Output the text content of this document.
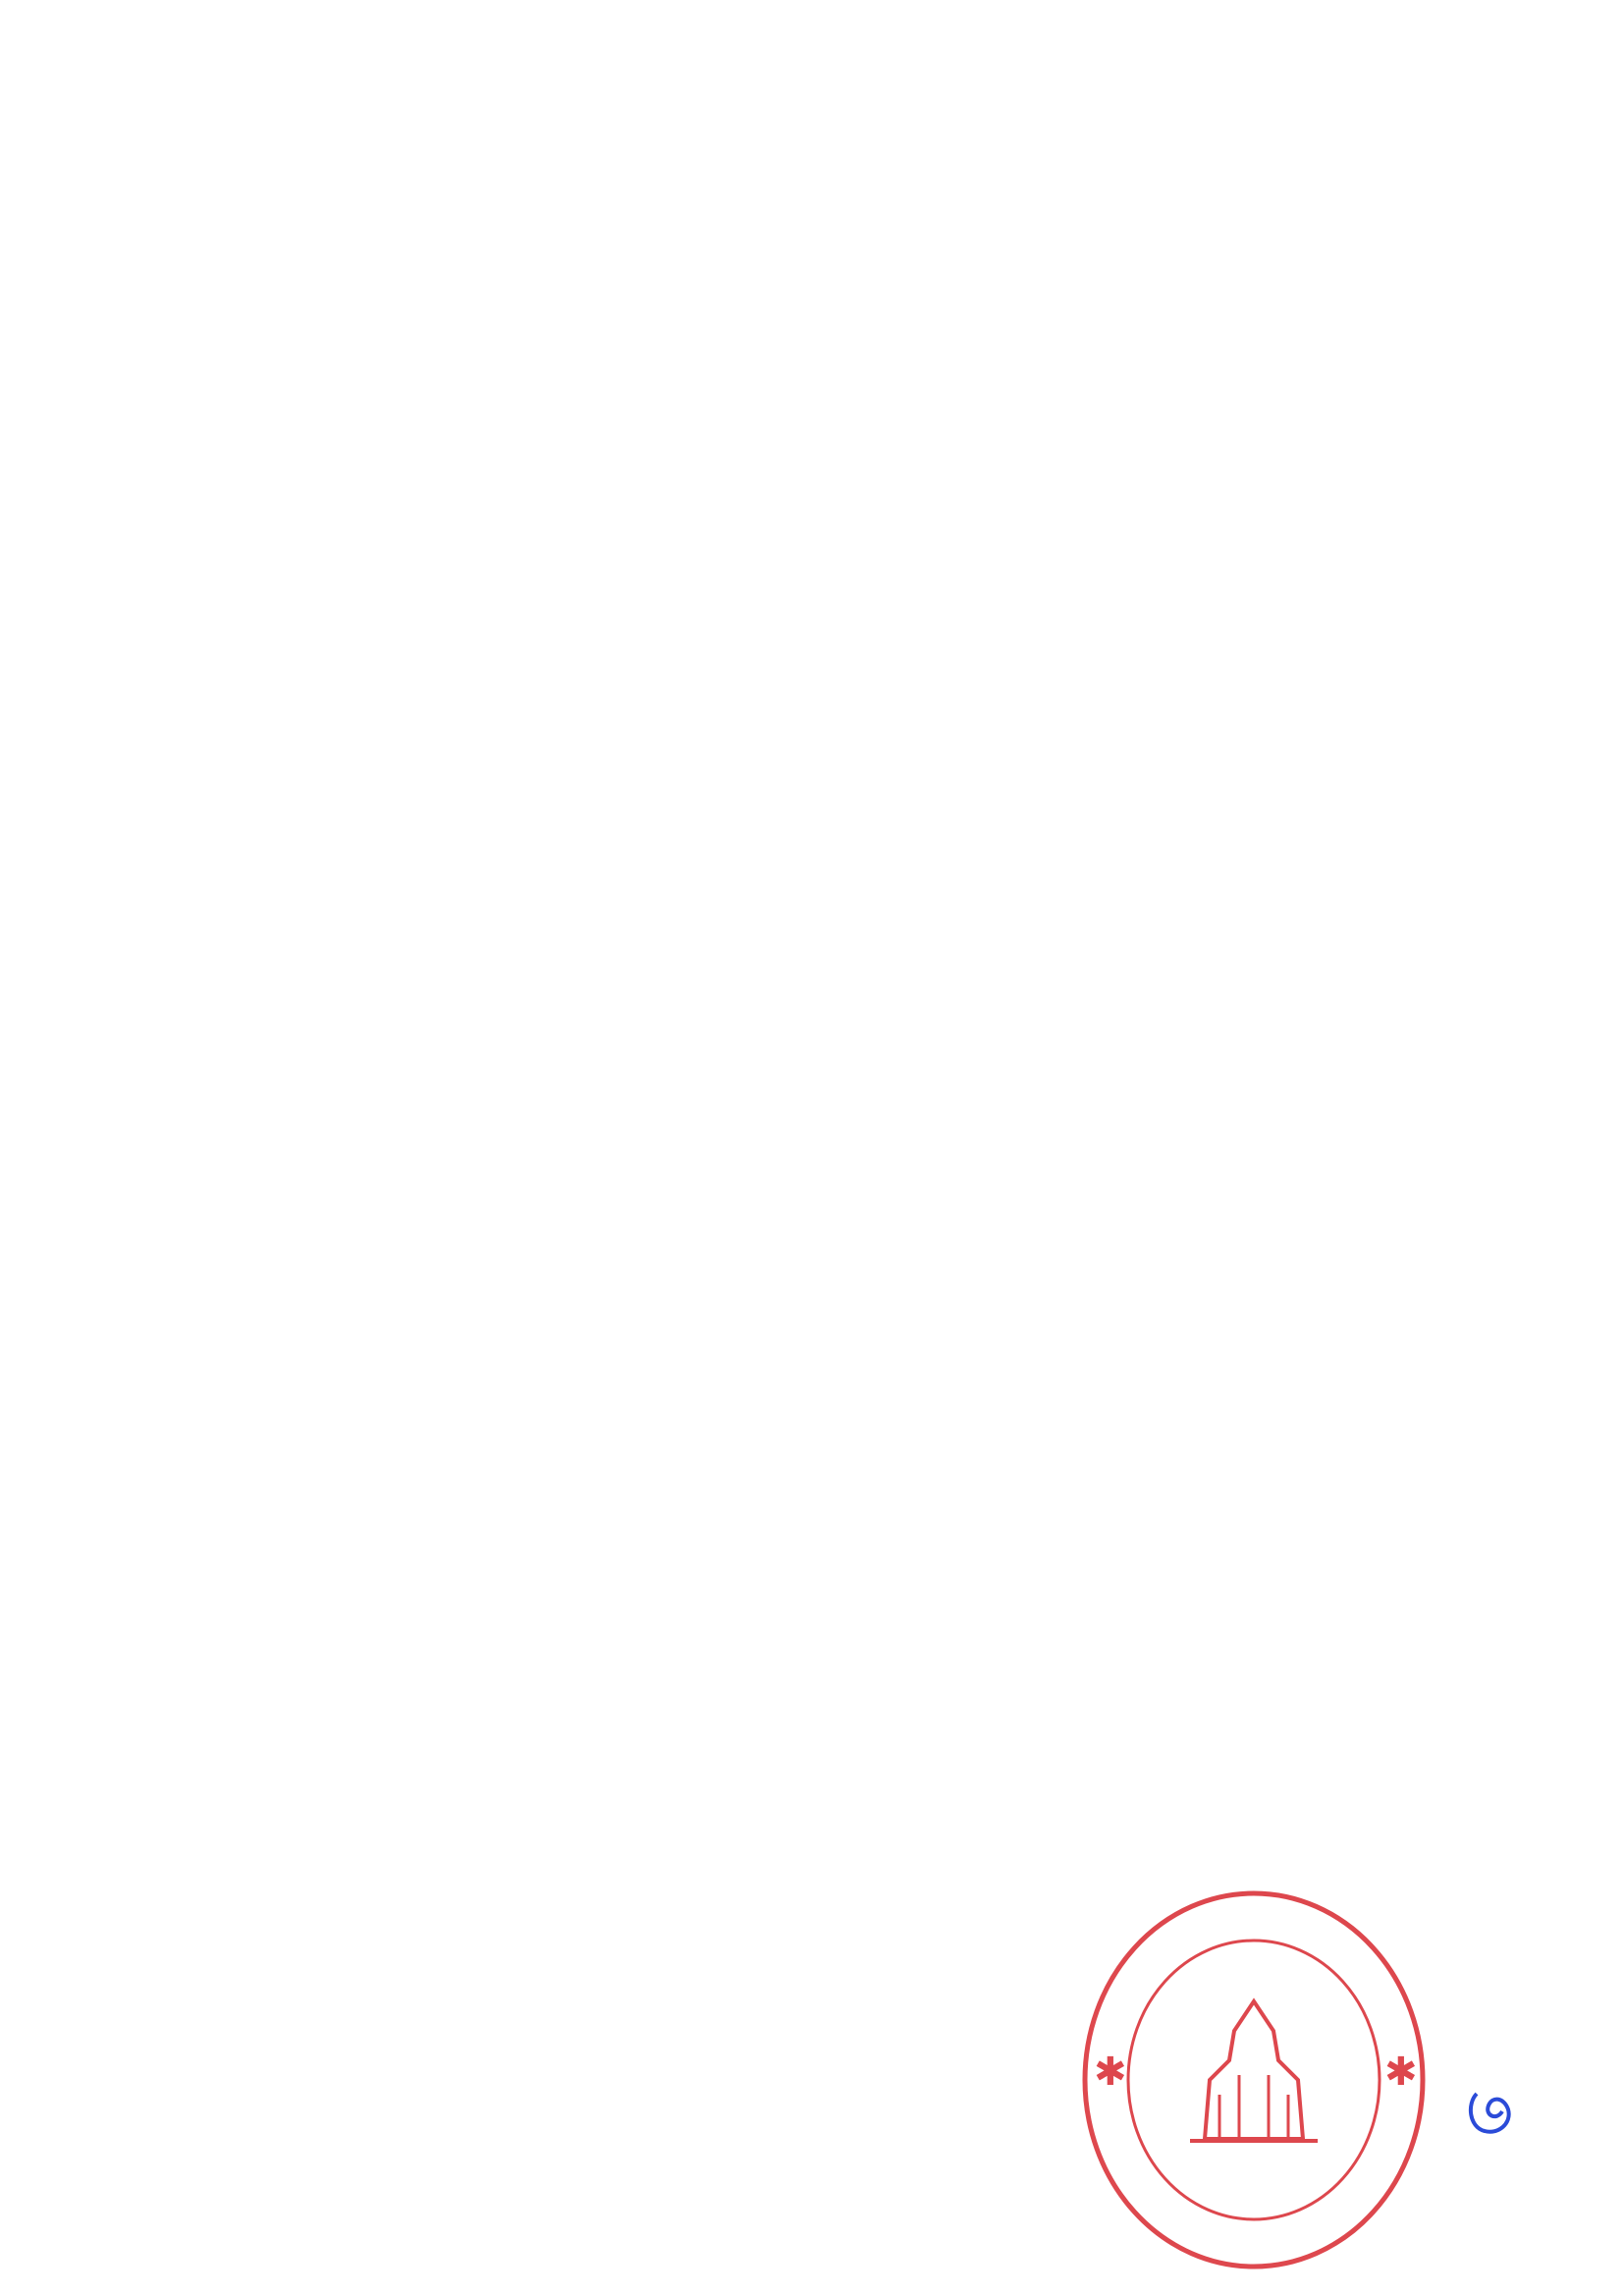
✱	✱
